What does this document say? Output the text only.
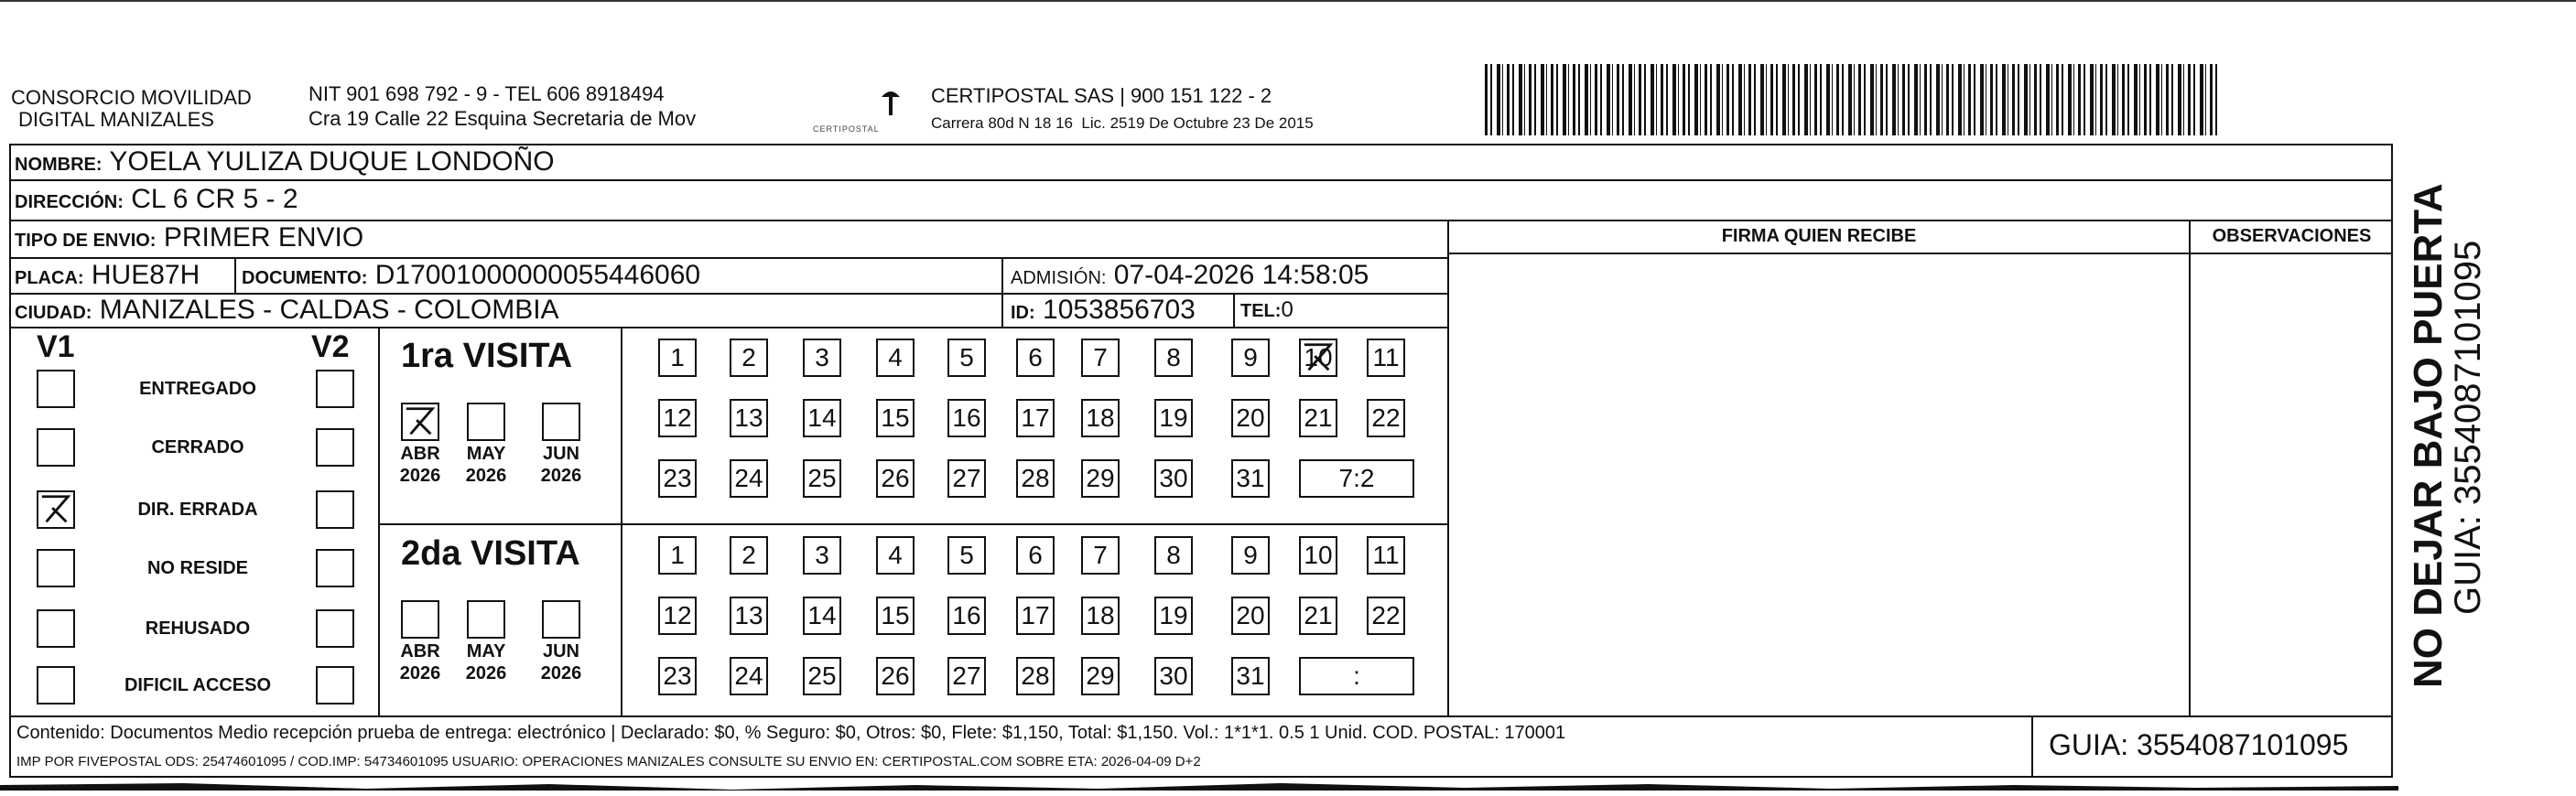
CONSORCIO MOVILIDAD
DIGITAL MANIZALES
NIT 901 698 792 - 9 - TEL 606 8918494
Cra 19 Calle 22 Esquina Secretaria de Mov	CERTIPOSTAL
CERTIPOSTAL SAS | 900 151 122 - 2
Carrera 80d N 18 16  Lic. 2519 De Octubre 23 De 2015
NOMBRE: YOELA YULIZA DUQUE LONDOÑO
DIRECCIÓN: CL 6 CR 5 - 2
TIPO DE ENVIO: PRIMER ENVIO	FIRMA QUIEN RECIBE	OBSERVACIONES
PLACA: HUE87H DOCUMENTO: D17001000000055446060	ADMISIÓN: 07-04-2026 14:58:05
CIUDAD: MANIZALES - CALDAS - COLOMBIA	ID: 1053856703 TEL:0
V1	V2
ENTREGADO
CERRADO
DIR. ERRADA
NO RESIDE
REHUSADO
DIFICIL ACCESO
1ra VISITA
ABR
2026
MAY
2026
JUN
2026
1	2	3	4	5	6	7	8	9	10 11
12 13 14 15 16 17 18 19 20 21 22
23 24 25 26 27 28 29 30 31	7:2
2da VISITA
ABR
2026
MAY
2026
JUN
2026
1	2	3	4	5	6	7	8	9	10 11
12 13 14 15 16 17 18 19 20 21 22
23 24 25 26 27 28 29 30 31	:
Contenido: Documentos Medio recepción prueba de entrega: electrónico | Declarado: $0, % Seguro: $0, Otros: $0, Flete: $1,150, Total: $1,150. Vol.: 1*1*1. 0.5 1 Unid. COD. POSTAL: 170001
IMP POR FIVEPOSTAL ODS: 25474601095 / COD.IMP: 54734601095 USUARIO: OPERACIONES MANIZALES CONSULTE SU ENVIO EN: CERTIPOSTAL.COM SOBRE ETA: 2026-04-09 D+2
GUIA: 3554087101095
NO DEJAR BAJO PUERTA
GUIA: 3554087101095
